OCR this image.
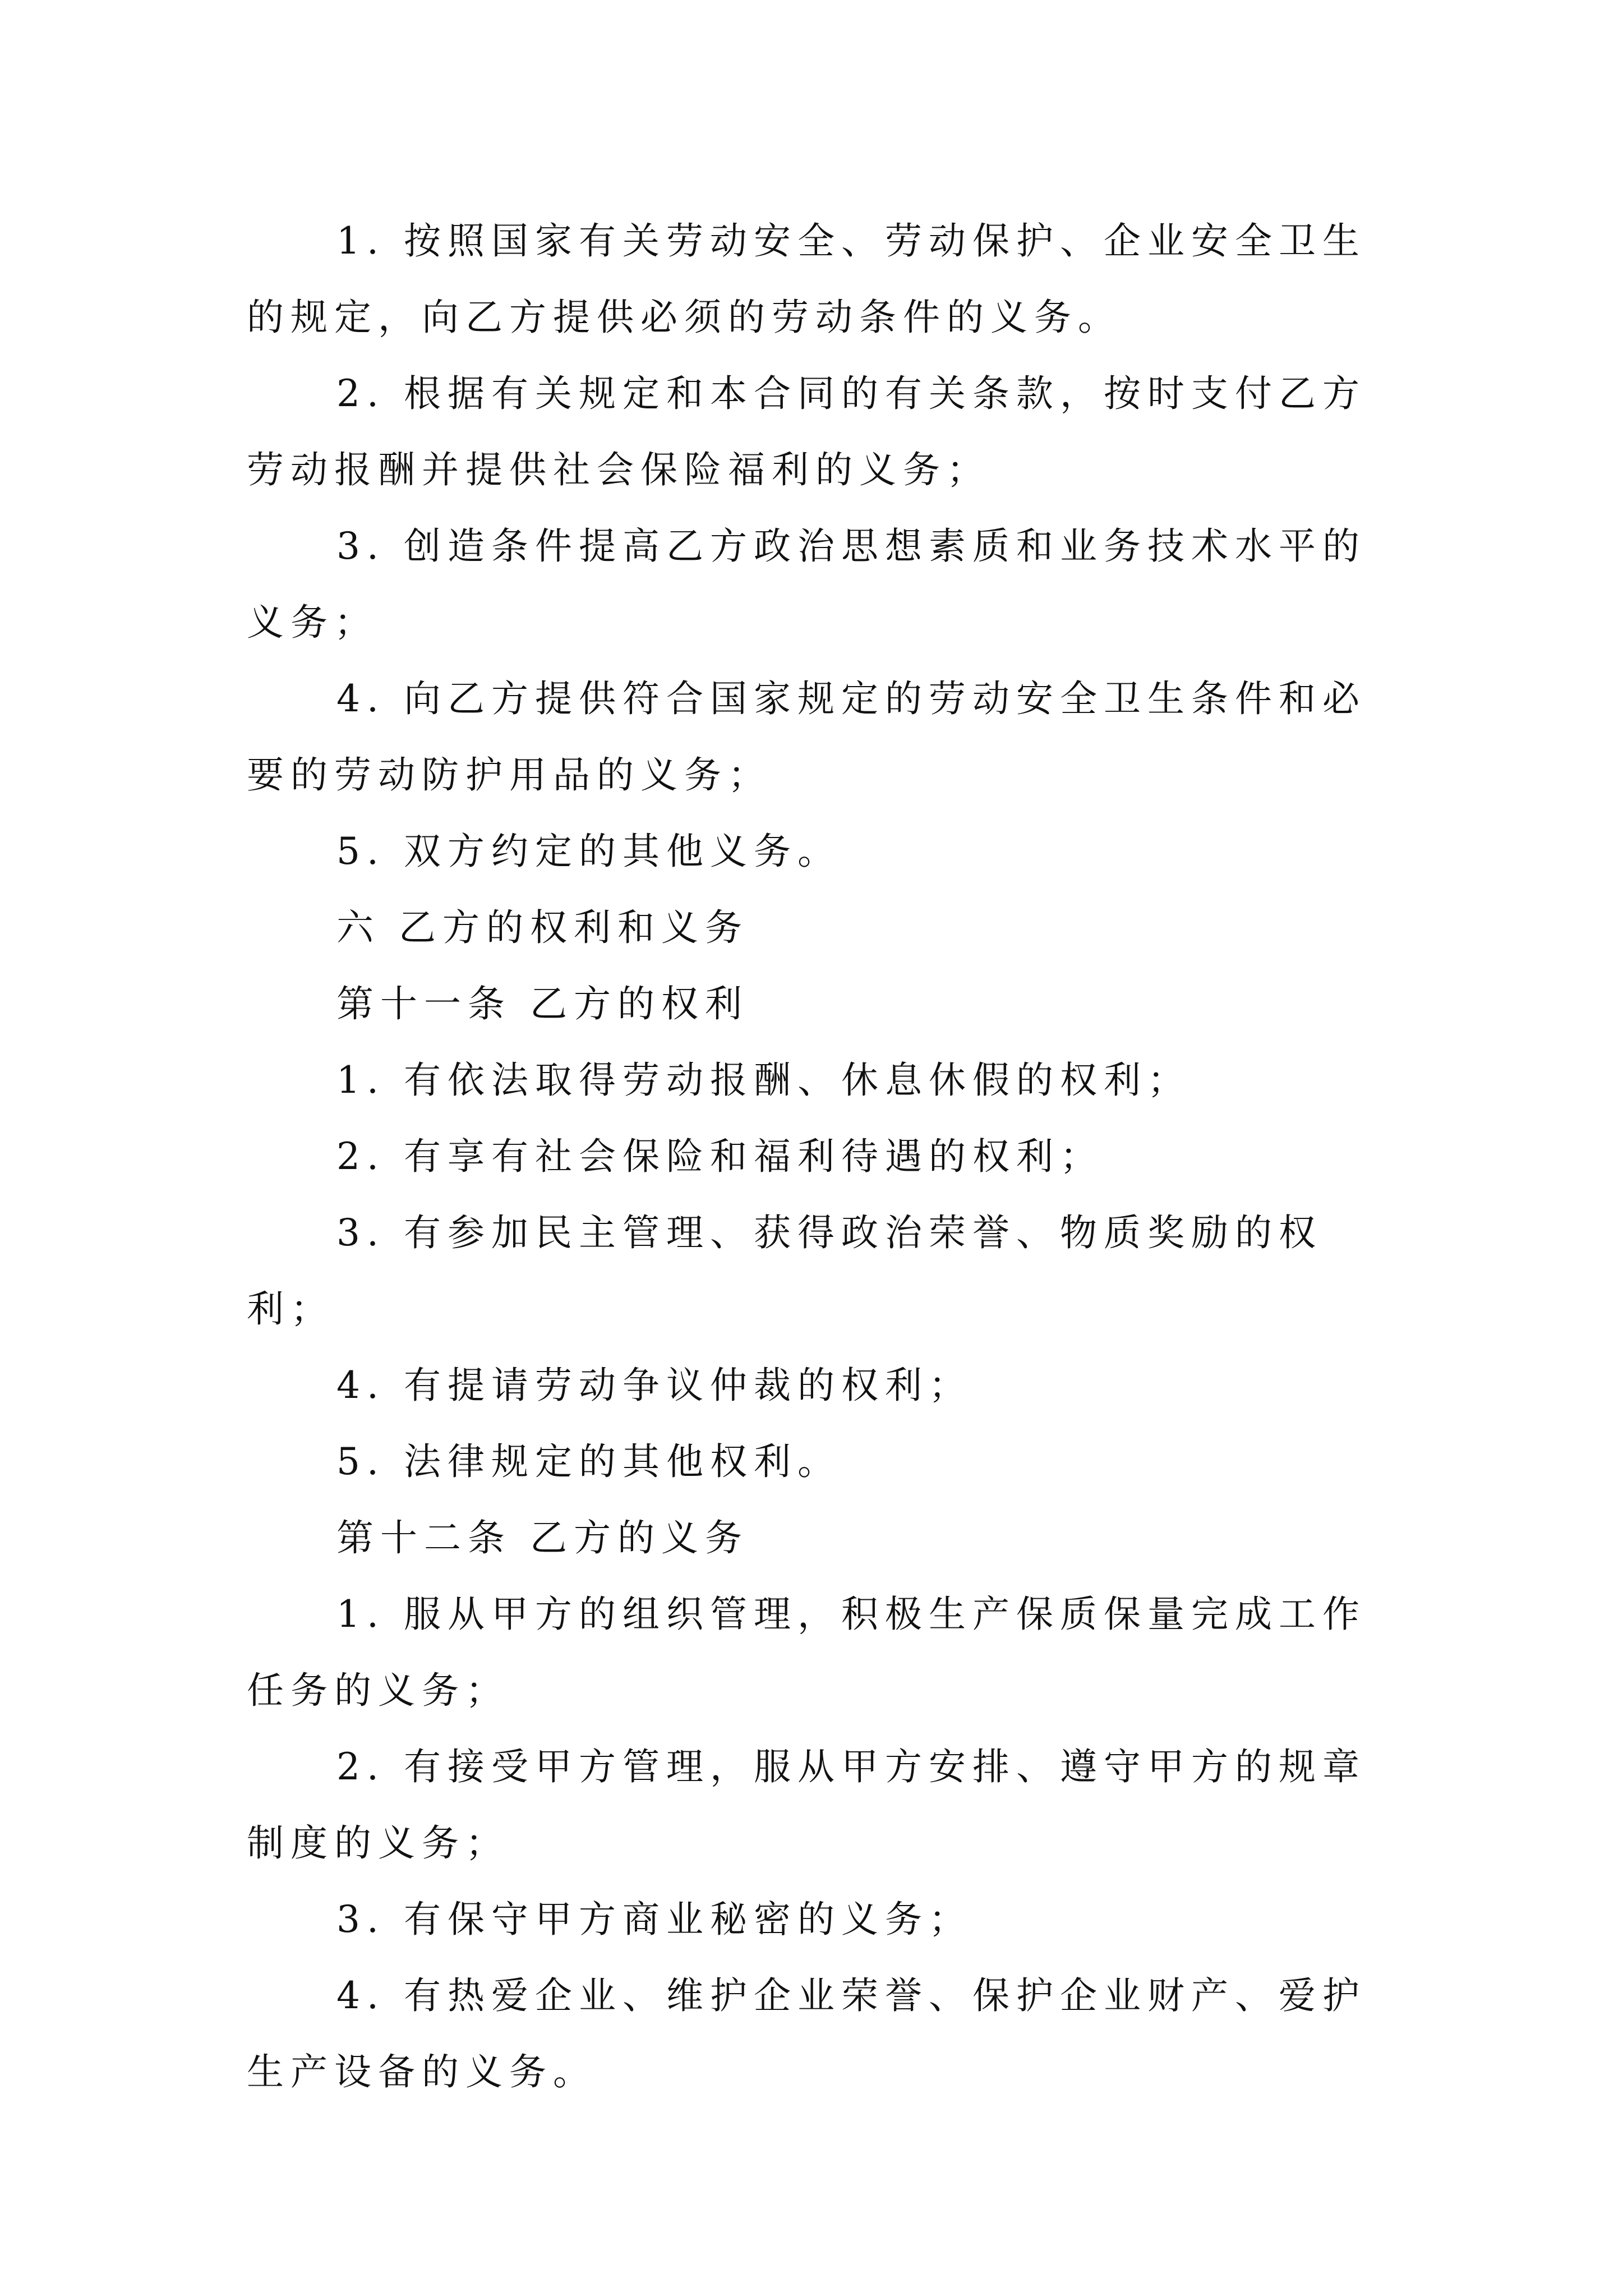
1. 按照国家有关劳动安全、劳动保护、企业安全卫生的规定，向乙方提供必须的劳动条件的义务。

2. 根据有关规定和本合同的有关条款，按时支付乙方劳动报酬并提供社会保险福利的义务；

3. 创造条件提高乙方政治思想素质和业务技术水平的义务；

4. 向乙方提供符合国家规定的劳动安全卫生条件和必要的劳动防护用品的义务；

5. 双方约定的其他义务。

六 乙方的权利和义务

第十一条 乙方的权利

1. 有依法取得劳动报酬、休息休假的权利；

2. 有享有社会保险和福利待遇的权利；

3. 有参加民主管理、获得政治荣誉、物质奖励的权利；

4. 有提请劳动争议仲裁的权利；

5. 法律规定的其他权利。

第十二条 乙方的义务

1. 服从甲方的组织管理，积极生产保质保量完成工作任务的义务；

2. 有接受甲方管理，服从甲方安排、遵守甲方的规章制度的义务；

3. 有保守甲方商业秘密的义务；

4. 有热爱企业、维护企业荣誉、保护企业财产、爱护生产设备的义务。
